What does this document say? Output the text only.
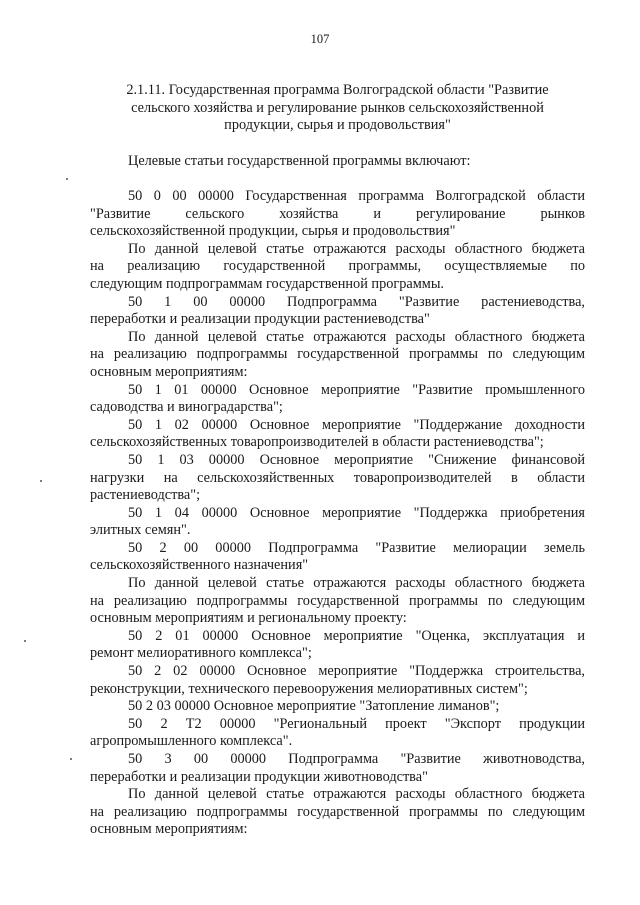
107
2.1.11. Государственная программа Волгоградской области "Развитие
сельского хозяйства и регулирование рынков сельскохозяйственной
продукции, сырья и продовольствия"
Целевые статьи государственной программы включают:
50 0 00 00000 Государственная программа Волгоградской области
"Развитие сельского хозяйства и регулирование рынков
сельскохозяйственной продукции, сырья и продовольствия"
По данной целевой статье отражаются расходы областного бюджета
на реализацию государственной программы, осуществляемые по
следующим подпрограммам государственной программы.
50 1 00 00000 Подпрограмма "Развитие растениеводства,
переработки и реализации продукции растениеводства"
По данной целевой статье отражаются расходы областного бюджета
на реализацию подпрограммы государственной программы по следующим
основным мероприятиям:
50 1 01 00000 Основное мероприятие "Развитие промышленного
садоводства и виноградарства";
50 1 02 00000 Основное мероприятие "Поддержание доходности
сельскохозяйственных товаропроизводителей в области растениеводства";
50 1 03 00000 Основное мероприятие "Снижение финансовой
нагрузки на сельскохозяйственных товаропроизводителей в области
растениеводства";
50 1 04 00000 Основное мероприятие "Поддержка приобретения
элитных семян".
50 2 00 00000 Подпрограмма "Развитие мелиорации земель
сельскохозяйственного назначения"
По данной целевой статье отражаются расходы областного бюджета
на реализацию подпрограммы государственной программы по следующим
основным мероприятиям и региональному проекту:
50 2 01 00000 Основное мероприятие "Оценка, эксплуатация и
ремонт мелиоративного комплекса";
50 2 02 00000 Основное мероприятие "Поддержка строительства,
реконструкции, технического перевооружения мелиоративных систем";
50 2 03 00000 Основное мероприятие "Затопление лиманов";
50 2 Т2 00000 "Региональный проект "Экспорт продукции
агропромышленного комплекса".
50 3 00 00000 Подпрограмма "Развитие животноводства,
переработки и реализации продукции животноводства"
По данной целевой статье отражаются расходы областного бюджета
на реализацию подпрограммы государственной программы по следующим
основным мероприятиям:
